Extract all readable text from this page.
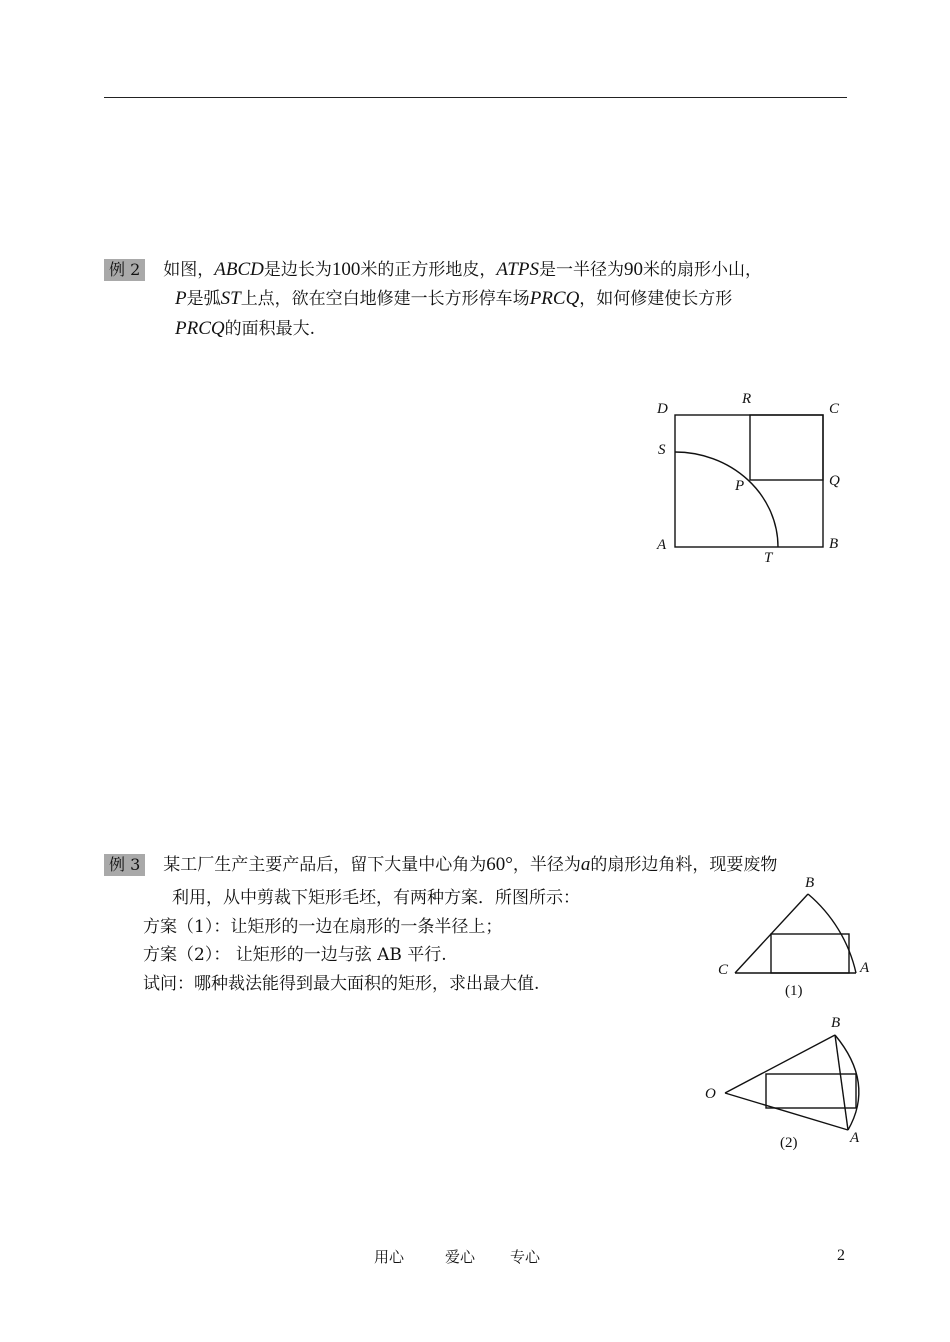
例 2 如图，ABCD是边长为100米的正方形地皮，ATPS是一半径为90米的扇形小山，
P是弧ST上点，欲在空白地修建一长方形停车场PRCQ，如何修建使长方形
PRCQ的面积最大.
D
R
C
S
Q
P
A	B
T
例 3 某工厂生产主要产品后，留下大量中心角为60°，半径为a的扇形边角料，现要废物
利用，从中剪裁下矩形毛坯，有两种方案．所图所示：
方案（1）：让矩形的一边在扇形的一条半径上；
方案（2）： 让矩形的一边与弦 AB 平行.
试问：哪种裁法能得到最大面积的矩形，求出最大值.
B
C	A
(1)
B
O
A
(2)
用心	爱心 专心	2
